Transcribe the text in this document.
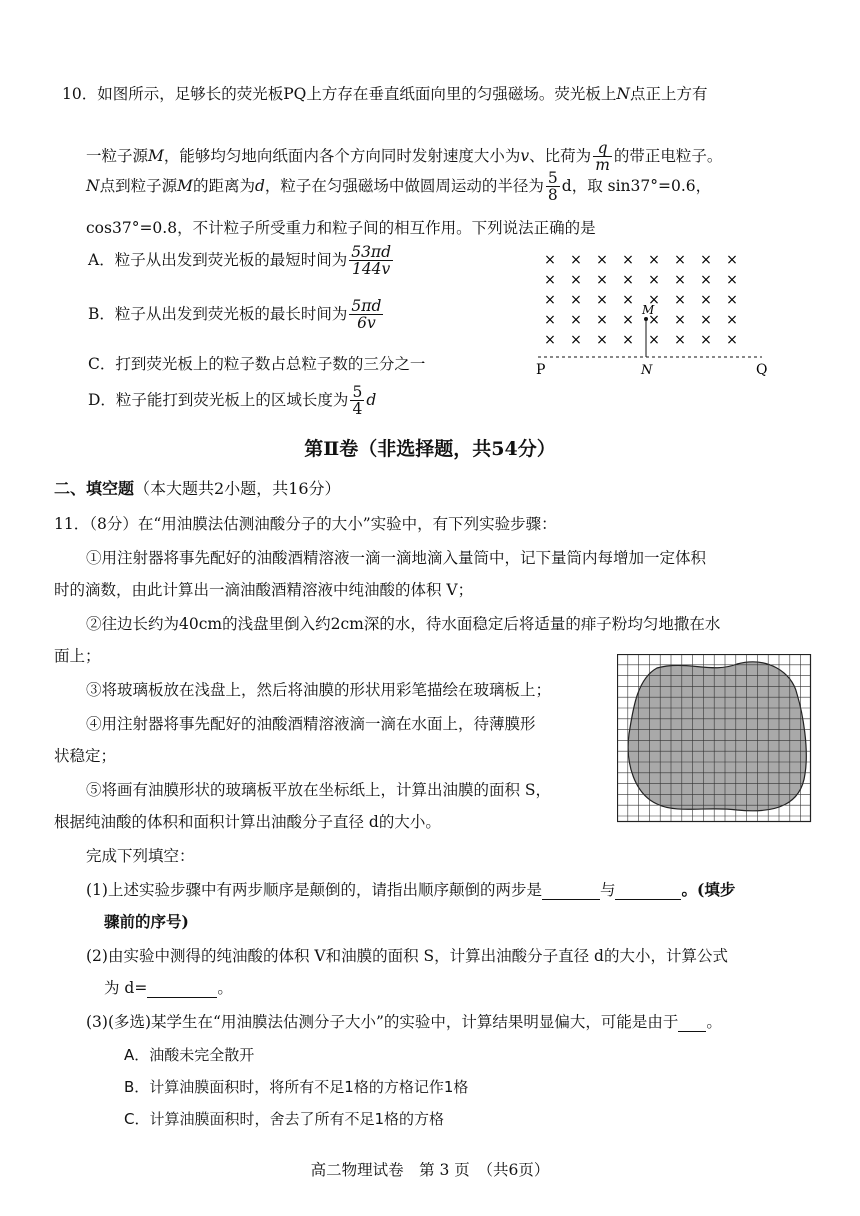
10．如图所示，足够长的荧光板PQ上方存在垂直纸面向里的匀强磁场。荧光板上N点正上方有
一粒子源M，能够均匀地向纸面内各个方向同时发射速度大小为v、比荷为 $\frac{q}{m}$ 的带正电粒子。
N点到粒子源M的距离为d，粒子在匀强磁场中做圆周运动的半径为 $\frac{5}{8}$ d，取 sin37°=0.6，
cos37°=0.8，不计粒子所受重力和粒子间的相互作用。下列说法正确的是
A．粒子从出发到荧光板的最短时间为 $\frac{53\pi d}{144v}$
B．粒子从出发到荧光板的最长时间为 $\frac{5\pi d}{6v}$
C．打到荧光板上的粒子数占总粒子数的三分之一
D．粒子能打到荧光板上的区域长度为 $\frac{5}{4}$ d
× × × × × × × ×
× × × × × × × ×
× × × × × × × ×
× × × × × × × ×
× × × × × × × ×
P	N	Q
M
第Ⅱ卷（非选择题，共54分）
二、填空题（本大题共2小题，共16分）
11．（8分）在“用油膜法估测油酸分子的大小”实验中，有下列实验步骤：
①用注射器将事先配好的油酸酒精溶液一滴一滴地滴入量筒中，记下量筒内每增加一定体积
时的滴数，由此计算出一滴油酸酒精溶液中纯油酸的体积 V；
②往边长约为40cm的浅盘里倒入约2cm深的水，待水面稳定后将适量的痱子粉均匀地撒在水
面上；
③将玻璃板放在浅盘上，然后将油膜的形状用彩笔描绘在玻璃板上；
④用注射器将事先配好的油酸酒精溶液滴一滴在水面上，待薄膜形
状稳定；
⑤将画有油膜形状的玻璃板平放在坐标纸上，计算出油膜的面积 S，
根据纯油酸的体积和面积计算出油酸分子直径 d的大小。
完成下列填空：
(1)上述实验步骤中有两步顺序是颠倒的，请指出顺序颠倒的两步是	与	。(填步
骤前的序号)
(2)由实验中测得的纯油酸的体积 V和油膜的面积 S，计算出油酸分子直径 d的大小，计算公式
为 d=	。
(3)(多选)某学生在“用油膜法估测分子大小”的实验中，计算结果明显偏大，可能是由于 。
A．油酸未完全散开
B．计算油膜面积时，将所有不足1格的方格记作1格
C．计算油膜面积时，舍去了所有不足1格的方格
高二物理试卷　第 3 页　（共6页）
